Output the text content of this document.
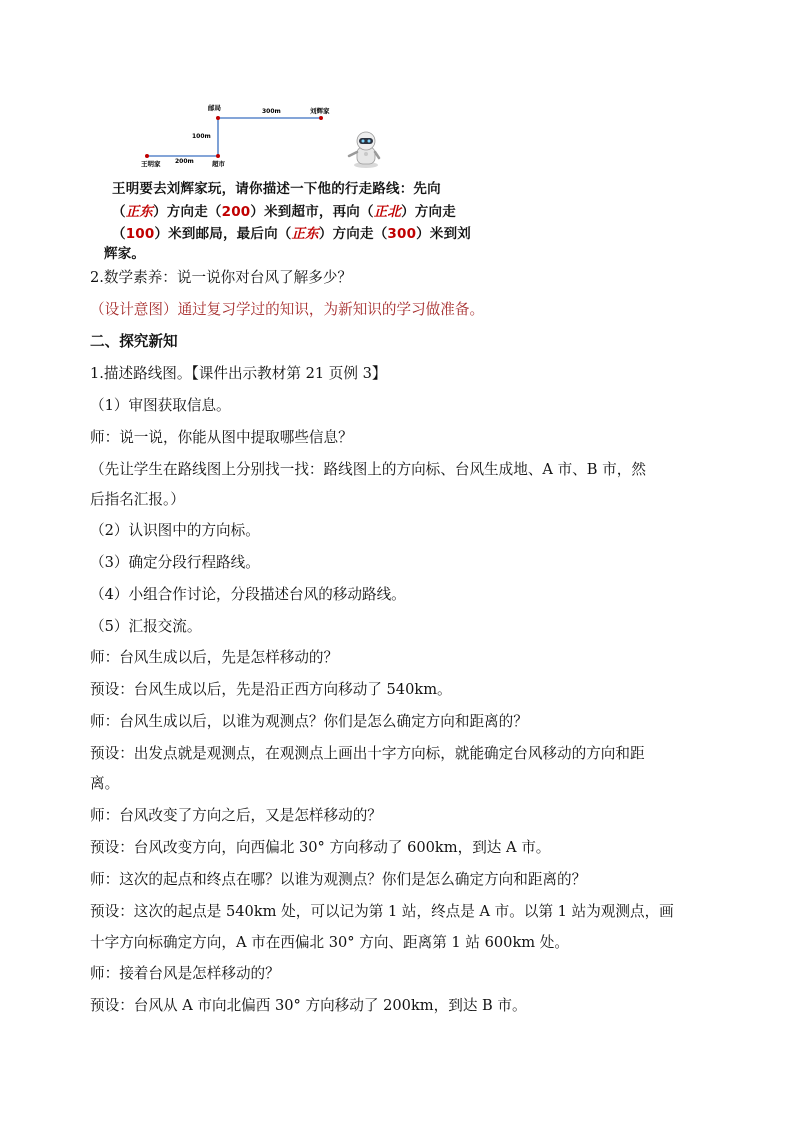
邮局	刘辉家
300m
100m
200m
王明家	超市
王明要去刘辉家玩，请你描述一下他的行走路线：先向
（正东）方向走（200）米到超市，再向（正北）方向走
（100）米到邮局，最后向（正东）方向走（300）米到刘
辉家。
2.数学素养：说一说你对台风了解多少？
（设计意图）通过复习学过的知识，为新知识的学习做准备。
二、探究新知
1.描述路线图。【课件出示教材第 21 页例 3】
（1）审图获取信息。
师：说一说，你能从图中提取哪些信息？
（先让学生在路线图上分别找一找：路线图上的方向标、台风生成地、A 市、B 市，然
后指名汇报。）
（2）认识图中的方向标。
（3）确定分段行程路线。
（4）小组合作讨论，分段描述台风的移动路线。
（5）汇报交流。
师：台风生成以后，先是怎样移动的？
预设：台风生成以后，先是沿正西方向移动了 540km。
师：台风生成以后，以谁为观测点？你们是怎么确定方向和距离的？
预设：出发点就是观测点，在观测点上画出十字方向标，就能确定台风移动的方向和距
离。
师：台风改变了方向之后，又是怎样移动的？
预设：台风改变方向，向西偏北 30° 方向移动了 600km，到达 A 市。
师：这次的起点和终点在哪？以谁为观测点？你们是怎么确定方向和距离的？
预设：这次的起点是 540km 处，可以记为第 1 站，终点是 A 市。以第 1 站为观测点，画
十字方向标确定方向，A 市在西偏北 30° 方向、距离第 1 站 600km 处。
师：接着台风是怎样移动的？
预设：台风从 A 市向北偏西 30° 方向移动了 200km，到达 B 市。
